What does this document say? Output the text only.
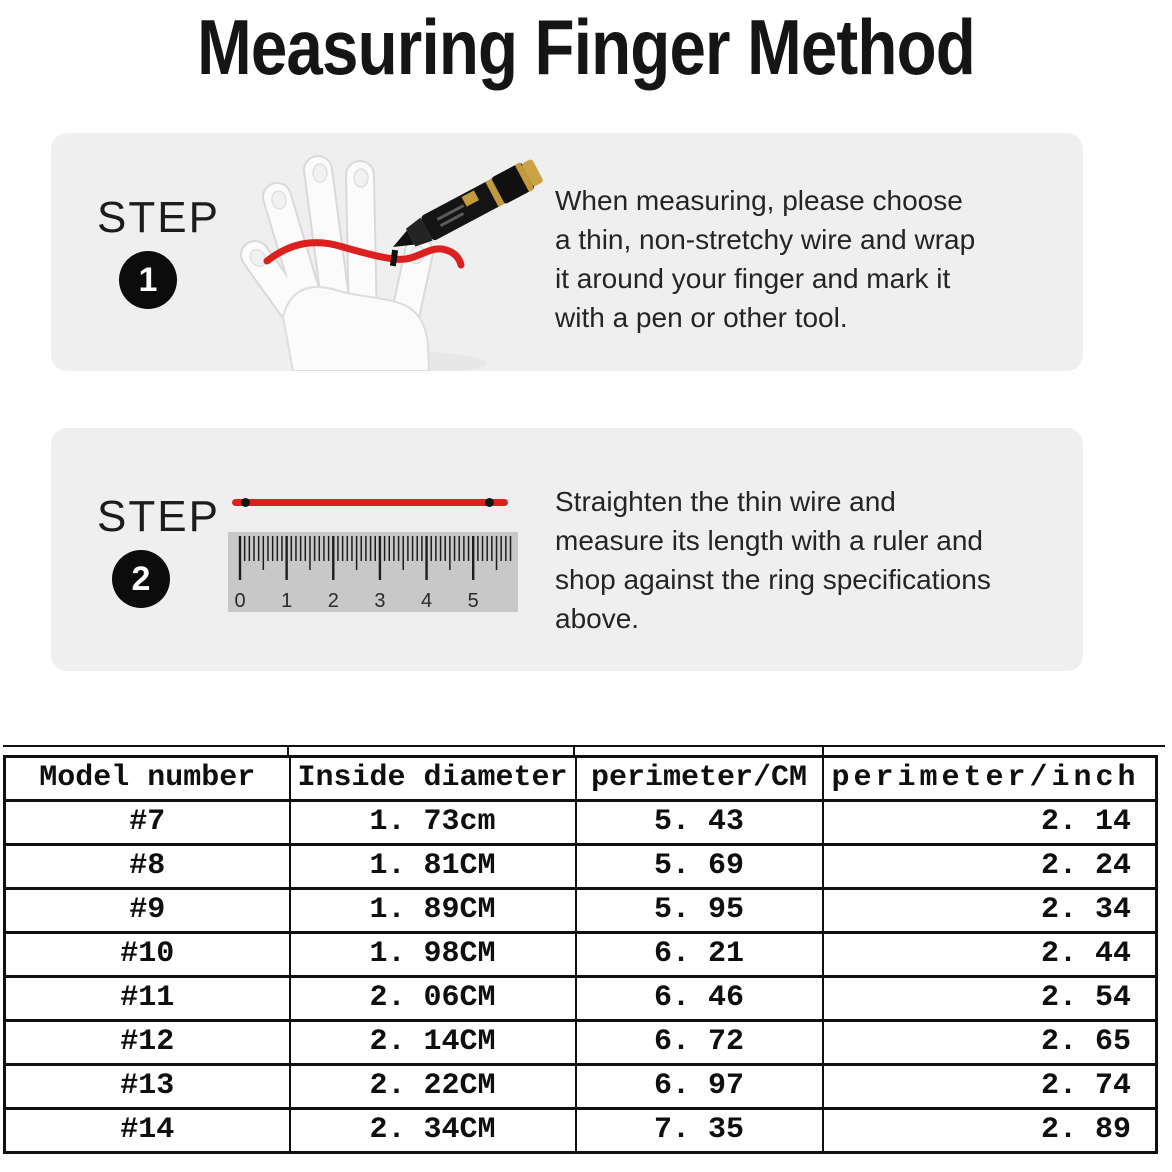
Measuring Finger Method
STEP
1
When measuring, please choose
a thin, non-stretchy wire and wrap
it around your finger and mark it
with a pen or other tool.
STEP
2
0 1 2 3 4 5
Straighten the thin wire and
measure its length with a ruler and
shop against the ring specifications
above.
Model number	Inside diameter	perimeter/CM	perimeter/inch
#7	1. 73cm	5. 43	2. 14
#8	1. 81CM	5. 69	2. 24
#9	1. 89CM	5. 95	2. 34
#10	1. 98CM	6. 21	2. 44
#11	2. 06CM	6. 46	2. 54
#12	2. 14CM	6. 72	2. 65
#13	2. 22CM	6. 97	2. 74
#14	2. 34CM	7. 35	2. 89
